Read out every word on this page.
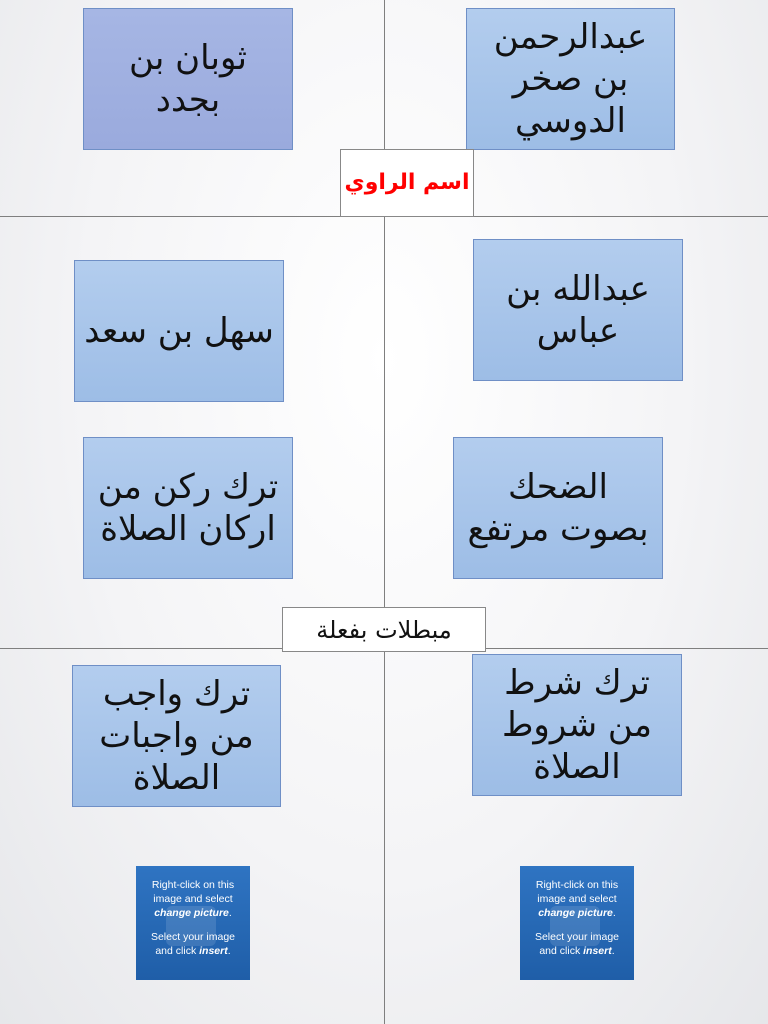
ثوبان بن بجدد
عبدالرحمن بن صخر الدوسي
اسم الراوي
سهل بن سعد
عبدالله بن عباس
ترك ركن من اركان الصلاة
الضحك بصوت مرتفع
مبطلات بفعلة
ترك واجب من واجبات الصلاة
ترك شرط من شروط الصلاة

Right-click on this

image and select

change picture.

Select your image

and click insert.

Right-click on this

image and select

change picture.

Select your image

and click insert.
